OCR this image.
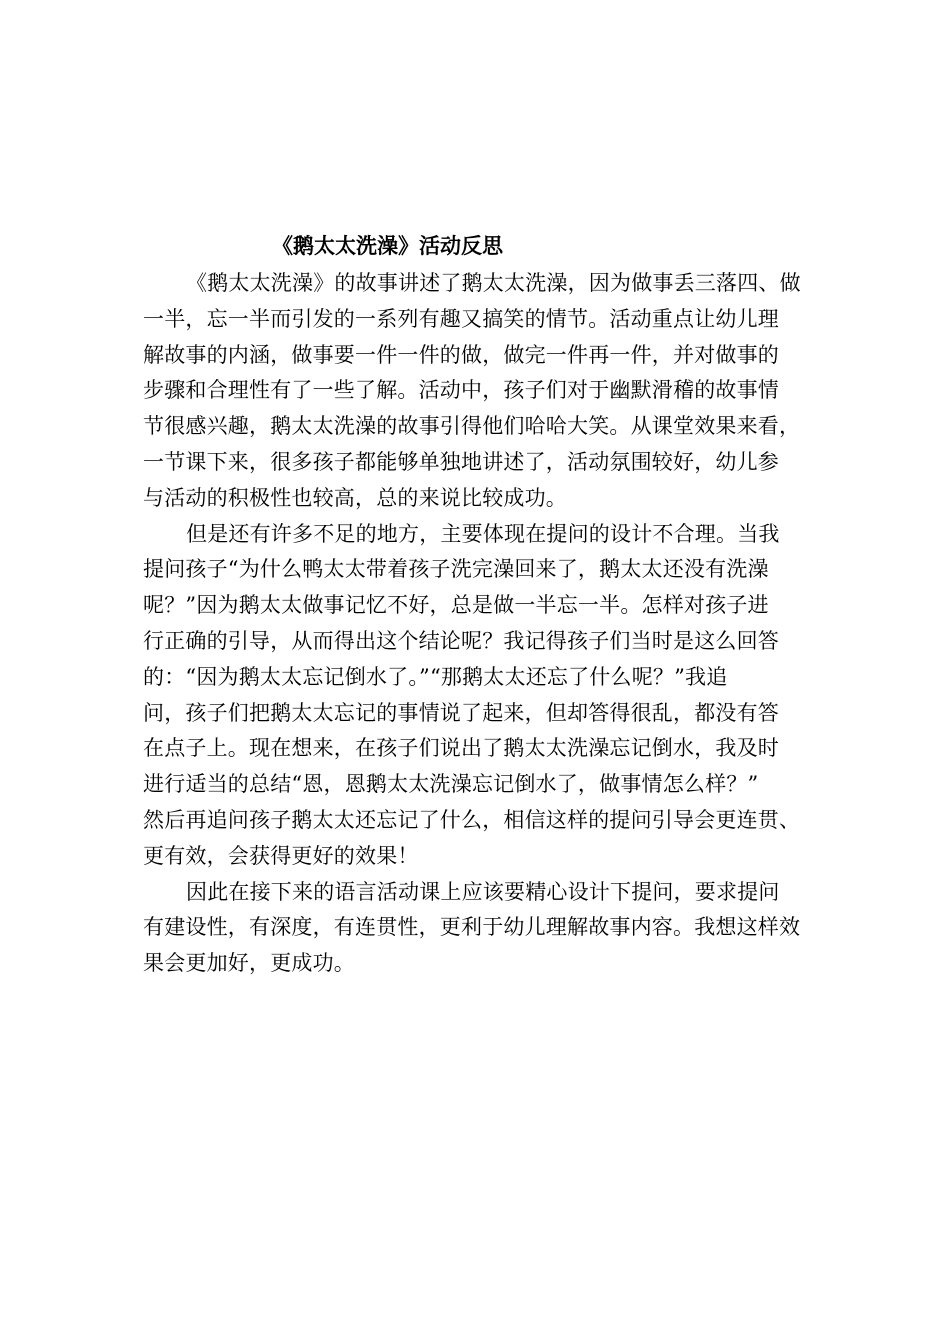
《鹅太太洗澡》活动反思

《鹅太太洗澡》的故事讲述了鹅太太洗澡，因为做事丢三落四、做
一半，忘一半而引发的一系列有趣又搞笑的情节。活动重点让幼儿理
解故事的内涵，做事要一件一件的做，做完一件再一件，并对做事的
步骤和合理性有了一些了解。活动中，孩子们对于幽默滑稽的故事情
节很感兴趣，鹅太太洗澡的故事引得他们哈哈大笑。从课堂效果来看，
一节课下来，很多孩子都能够单独地讲述了，活动氛围较好，幼儿参
与活动的积极性也较高，总的来说比较成功。

但是还有许多不足的地方，主要体现在提问的设计不合理。当我
提问孩子“为什么鸭太太带着孩子洗完澡回来了，鹅太太还没有洗澡
呢？”因为鹅太太做事记忆不好，总是做一半忘一半。怎样对孩子进
行正确的引导，从而得出这个结论呢？我记得孩子们当时是这么回答
的：“因为鹅太太忘记倒水了。”“那鹅太太还忘了什么呢？”我追
问，孩子们把鹅太太忘记的事情说了起来，但却答得很乱，都没有答
在点子上。现在想来，在孩子们说出了鹅太太洗澡忘记倒水，我及时
进行适当的总结“恩，恩鹅太太洗澡忘记倒水了，做事情怎么样？”
然后再追问孩子鹅太太还忘记了什么，相信这样的提问引导会更连贯、
更有效，会获得更好的效果！

因此在接下来的语言活动课上应该要精心设计下提问，要求提问
有建设性，有深度，有连贯性，更利于幼儿理解故事内容。我想这样效
果会更加好，更成功。
